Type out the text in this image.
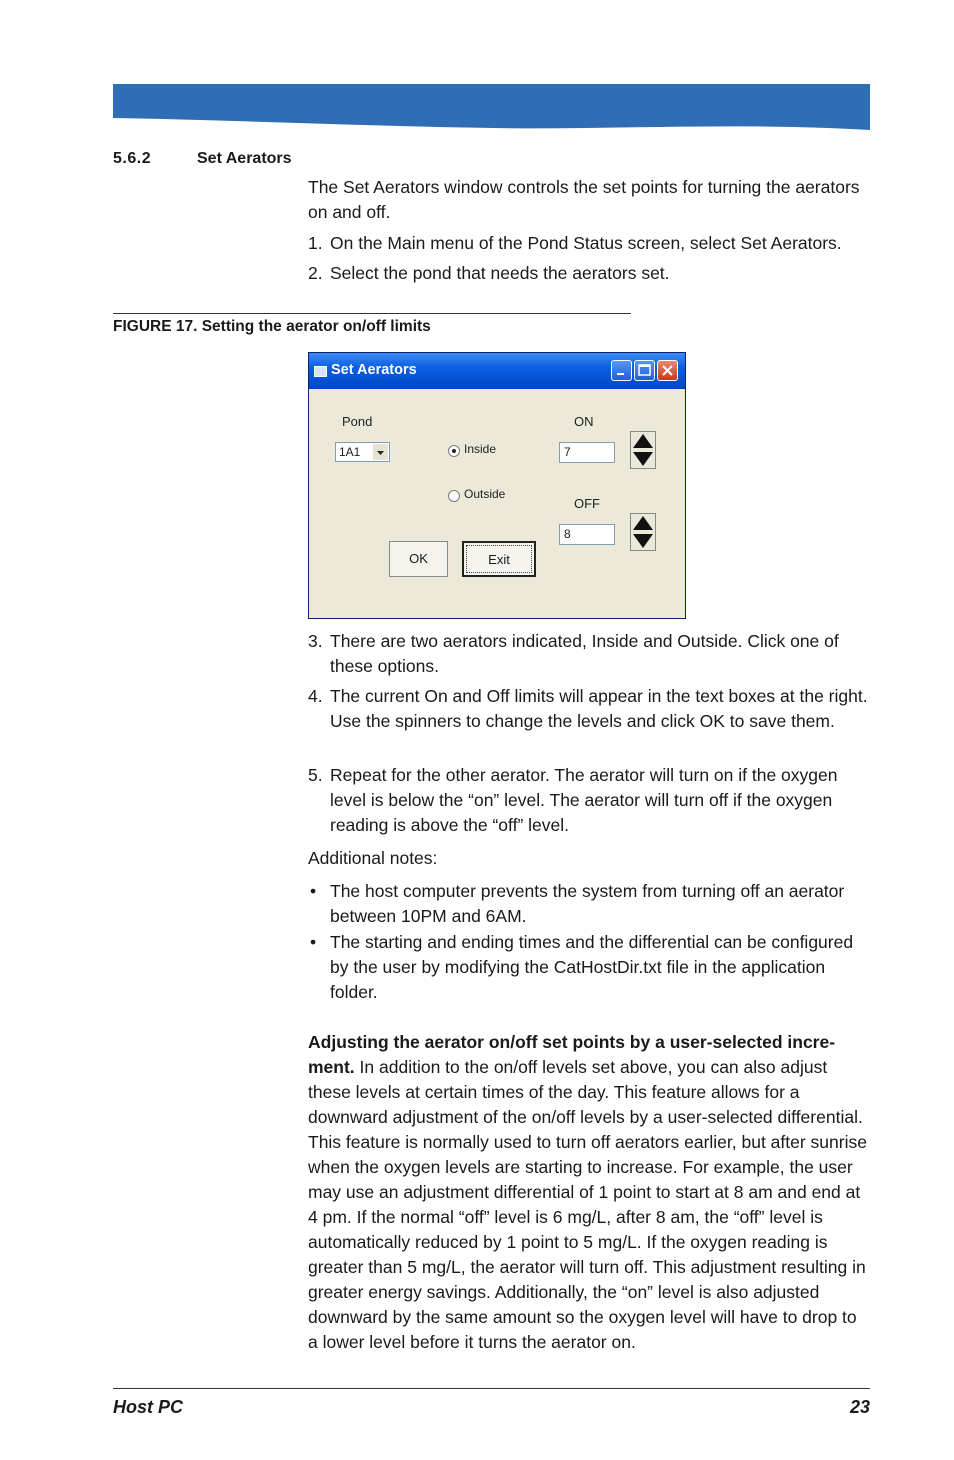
5.6.2	Set Aerators
The Set Aerators window controls the set points for turning the aerators on and off.
1. On the Main menu of the Pond Status screen, select Set Aerators.
2. Select the pond that needs the aerators set.
FIGURE 17. Setting the aerator on/off limits
Set Aerators
Pond
1A1	Inside
Outside
ON
7
OFF
8
OK	Exit
3. There are two aerators indicated, Inside and Outside. Click one of these options.
4. The current On and Off limits will appear in the text boxes at the right. Use the spinners to change the levels and click OK to save them.
5. Repeat for the other aerator. The aerator will turn on if the oxygen level is below the “on” level. The aerator will turn off if the oxygen reading is above the “off” level.
Additional notes:
• The host computer prevents the system from turning off an aerator between 10PM and 6AM.
• The starting and ending times and the differential can be configured by the user by modifying the CatHostDir.txt file in the application folder.
Adjusting the aerator on/off set points by a user-selected incre-ment. In addition to the on/off levels set above, you can also adjust these levels at certain times of the day. This feature allows for a downward adjustment of the on/off levels by a user-selected differential. This feature is normally used to turn off aerators earlier, but after sunrise when the oxygen levels are starting to increase. For example, the user may use an adjustment differential of 1 point to start at 8 am and end at 4 pm. If the normal “off” level is 6 mg/L, after 8 am, the “off” level is automatically reduced by 1 point to 5 mg/L. If the oxygen reading is greater than 5 mg/L, the aerator will turn off. This adjustment resulting in greater energy savings. Additionally, the “on” level is also adjusted downward by the same amount so the oxygen level will have to drop to a lower level before it turns the aerator on.
Host PC	23
